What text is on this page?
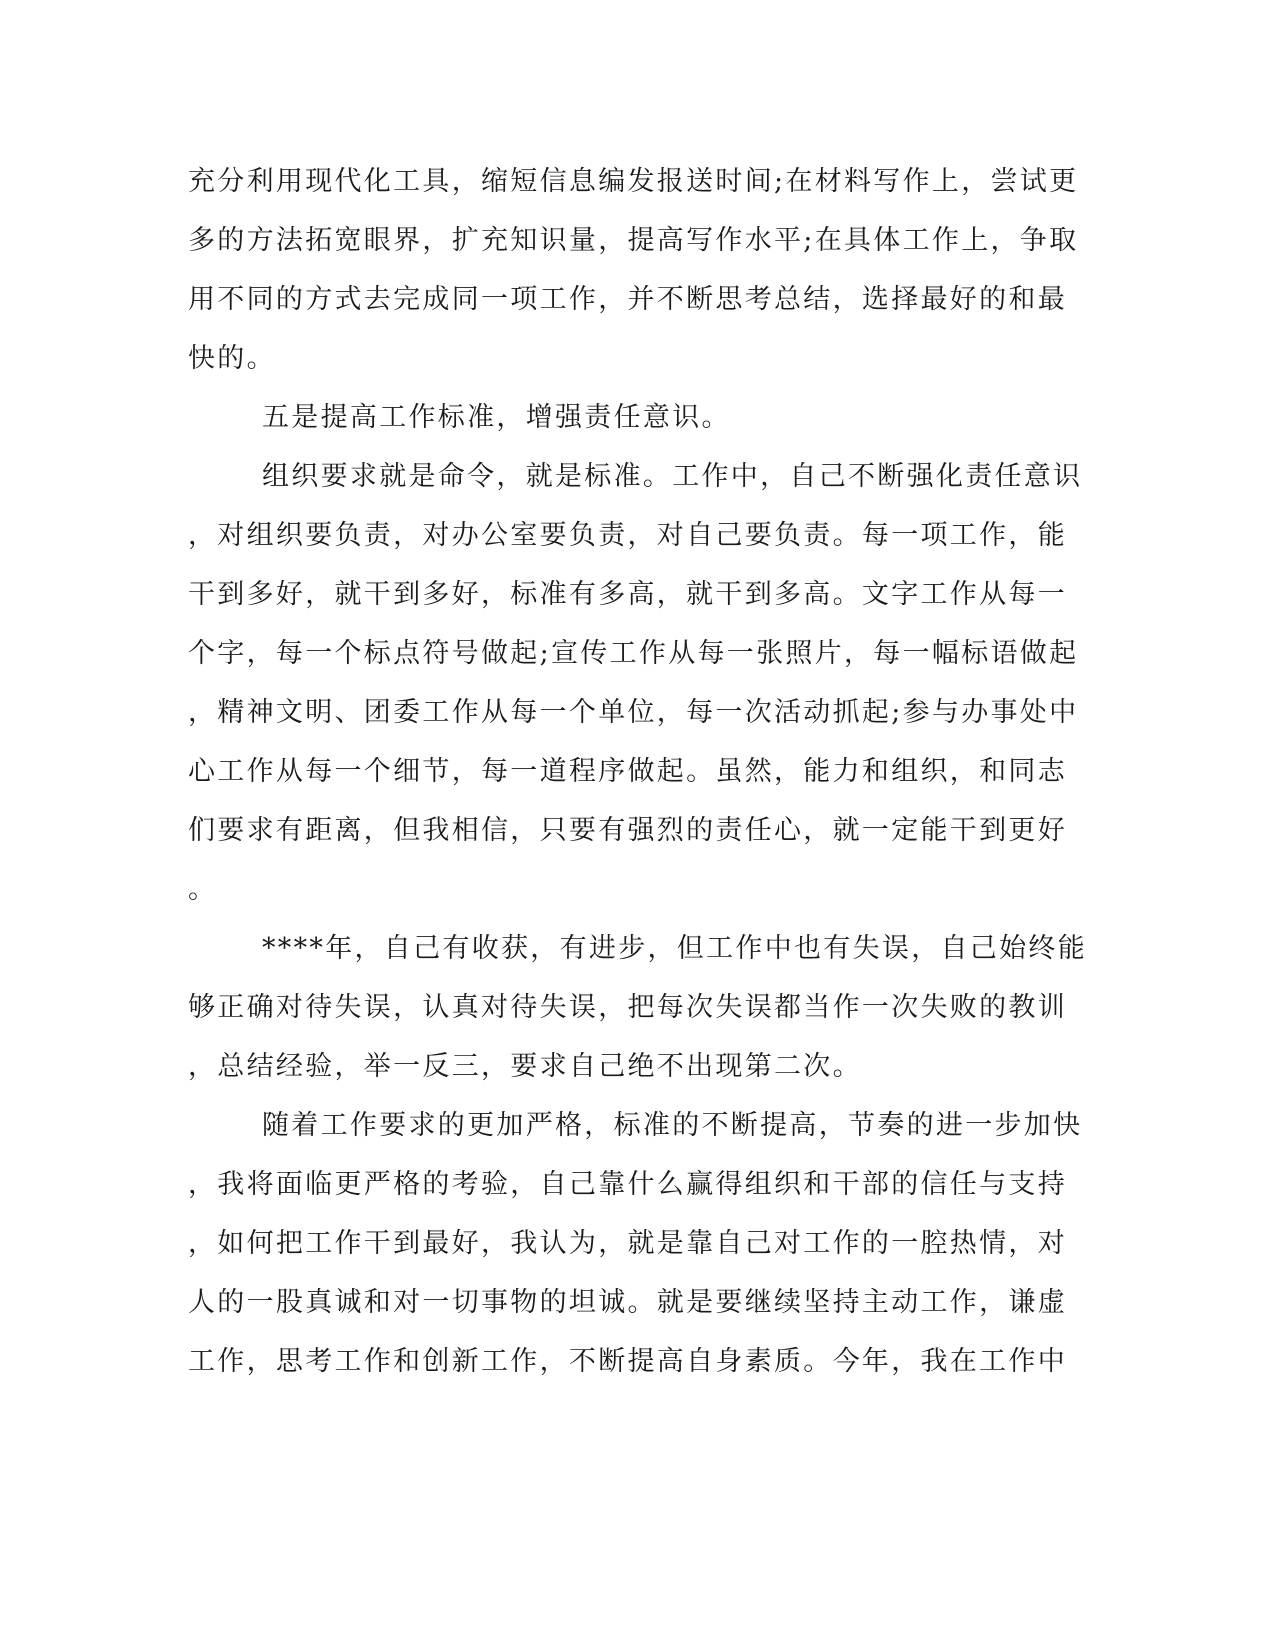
充分利用现代化工具，缩短信息编发报送时间;在材料写作上，尝试更

多的方法拓宽眼界，扩充知识量，提高写作水平;在具体工作上，争取

用不同的方式去完成同一项工作，并不断思考总结，选择最好的和最

快的。

五是提高工作标准，增强责任意识。

组织要求就是命令，就是标准。工作中，自己不断强化责任意识

，对组织要负责，对办公室要负责，对自己要负责。每一项工作，能

干到多好，就干到多好，标准有多高，就干到多高。文字工作从每一

个字，每一个标点符号做起;宣传工作从每一张照片，每一幅标语做起

，精神文明、团委工作从每一个单位，每一次活动抓起;参与办事处中

心工作从每一个细节，每一道程序做起。虽然，能力和组织，和同志

们要求有距离，但我相信，只要有强烈的责任心，就一定能干到更好

。

****年，自己有收获，有进步，但工作中也有失误，自己始终能

够正确对待失误，认真对待失误，把每次失误都当作一次失败的教训

，总结经验，举一反三，要求自己绝不出现第二次。

随着工作要求的更加严格，标准的不断提高，节奏的进一步加快

，我将面临更严格的考验，自己靠什么赢得组织和干部的信任与支持

，如何把工作干到最好，我认为，就是靠自己对工作的一腔热情，对

人的一股真诚和对一切事物的坦诚。就是要继续坚持主动工作，谦虚

工作，思考工作和创新工作，不断提高自身素质。今年，我在工作中
